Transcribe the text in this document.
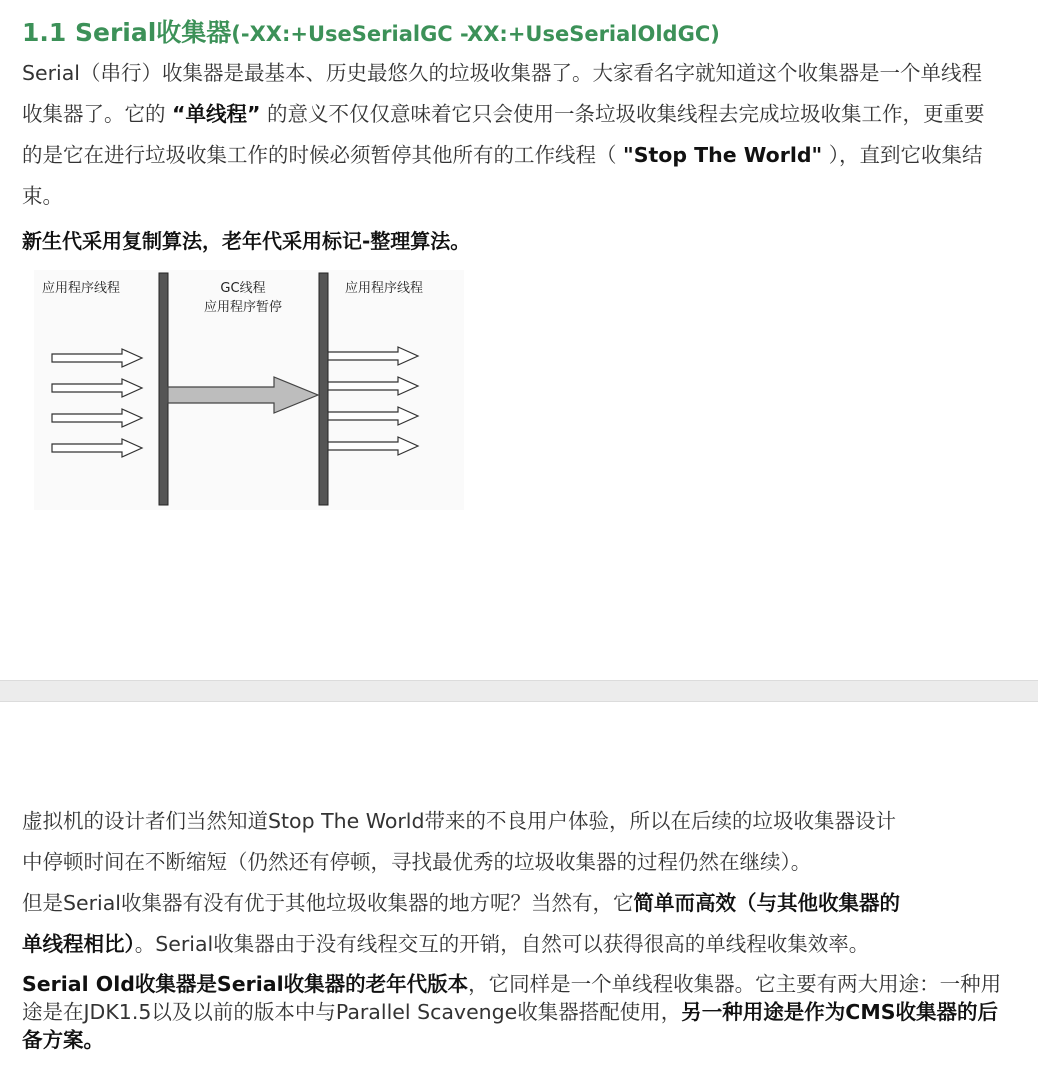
1.1 Serial收集器(-XX:+UseSerialGC -XX:+UseSerialOldGC)

Serial（串行）收集器是最基本、历史最悠久的垃圾收集器了。大家看名字就知道这个收集器是一个单线程收集器了。它的 “单线程” 的意义不仅仅意味着它只会使用一条垃圾收集线程去完成垃圾收集工作，更重要的是它在进行垃圾收集工作的时候必须暂停其他所有的工作线程（ "Stop The World" ），直到它收集结束。

新生代采用复制算法，老年代采用标记-整理算法。

应用程序线程	GC线程
应用程序暂停
应用程序线程

虚拟机的设计者们当然知道Stop The World带来的不良用户体验，所以在后续的垃圾收集器设计

中停顿时间在不断缩短（仍然还有停顿，寻找最优秀的垃圾收集器的过程仍然在继续）。

但是Serial收集器有没有优于其他垃圾收集器的地方呢？当然有，它简单而高效（与其他收集器的

单线程相比）。Serial收集器由于没有线程交互的开销，自然可以获得很高的单线程收集效率。

Serial Old收集器是Serial收集器的老年代版本，它同样是一个单线程收集器。它主要有两大用途：一种用途是在JDK1.5以及以前的版本中与Parallel Scavenge收集器搭配使用，另一种用途是作为CMS收集器的后备方案。
